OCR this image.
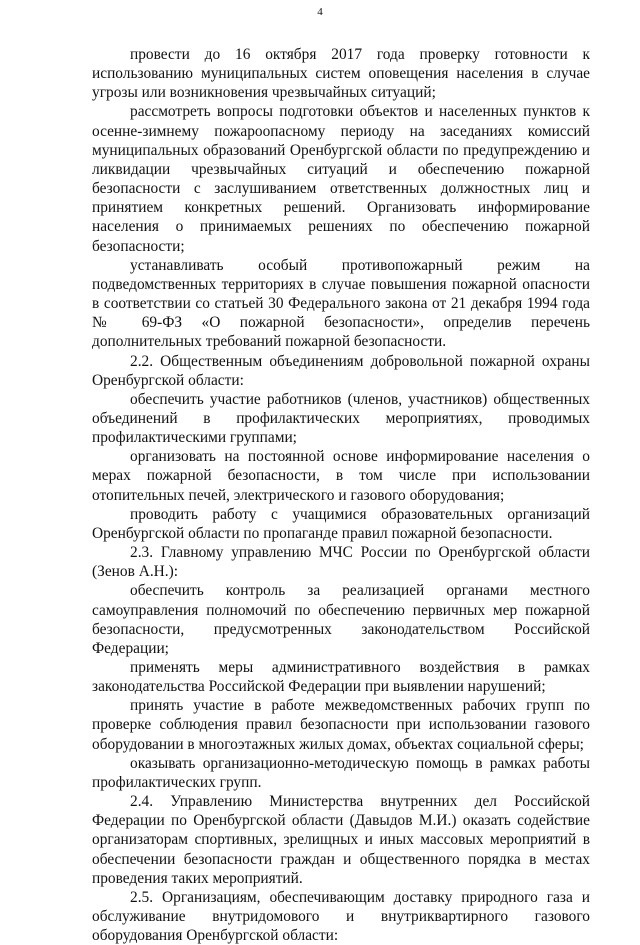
4

провести до 16 октября 2017 года проверку готовности к использованию муниципальных систем оповещения населения в случае угрозы или возникновения чрезвычайных ситуаций;

рассмотреть вопросы подготовки объектов и населенных пунктов к осенне-зимнему пожароопасному периоду на заседаниях комиссий муниципальных образований Оренбургской области по предупреждению и ликвидации чрезвычайных ситуаций и обеспечению пожарной безопасности с заслушиванием ответственных должностных лиц и принятием конкретных решений. Организовать информирование населения о принимаемых решениях по обеспечению пожарной безопасности;

устанавливать особый противопожарный режим на подведомственных территориях в случае повышения пожарной опасности в соответствии со статьей 30 Федерального закона от 21 декабря 1994 года № 69-ФЗ «О пожарной безопасности», определив перечень дополнительных требований пожарной безопасности.

2.2. Общественным объединениям добровольной пожарной охраны Оренбургской области:

обеспечить участие работников (членов, участников) общественных объединений в профилактических мероприятиях, проводимых профилактическими группами;

организовать на постоянной основе информирование населения о мерах пожарной безопасности, в том числе при использовании отопительных печей, электрического и газового оборудования;

проводить работу с учащимися образовательных организаций Оренбургской области по пропаганде правил пожарной безопасности.

2.3. Главному управлению МЧС России по Оренбургской области (Зенов А.Н.):

обеспечить контроль за реализацией органами местного самоуправления полномочий по обеспечению первичных мер пожарной безопасности, предусмотренных законодательством Российской Федерации;

применять меры административного воздействия в рамках законодательства Российской Федерации при выявлении нарушений;

принять участие в работе межведомственных рабочих групп по проверке соблюдения правил безопасности при использовании газового оборудовании в многоэтажных жилых домах, объектах социальной сферы;

оказывать организационно-методическую помощь в рамках работы профилактических групп.

2.4. Управлению Министерства внутренних дел Российской Федерации по Оренбургской области (Давыдов М.И.) оказать содействие организаторам спортивных, зрелищных и иных массовых мероприятий в обеспечении безопасности граждан и общественного порядка в местах проведения таких мероприятий.

2.5. Организациям, обеспечивающим доставку природного газа и обслуживание внутридомового и внутриквартирного газового оборудования Оренбургской области:
